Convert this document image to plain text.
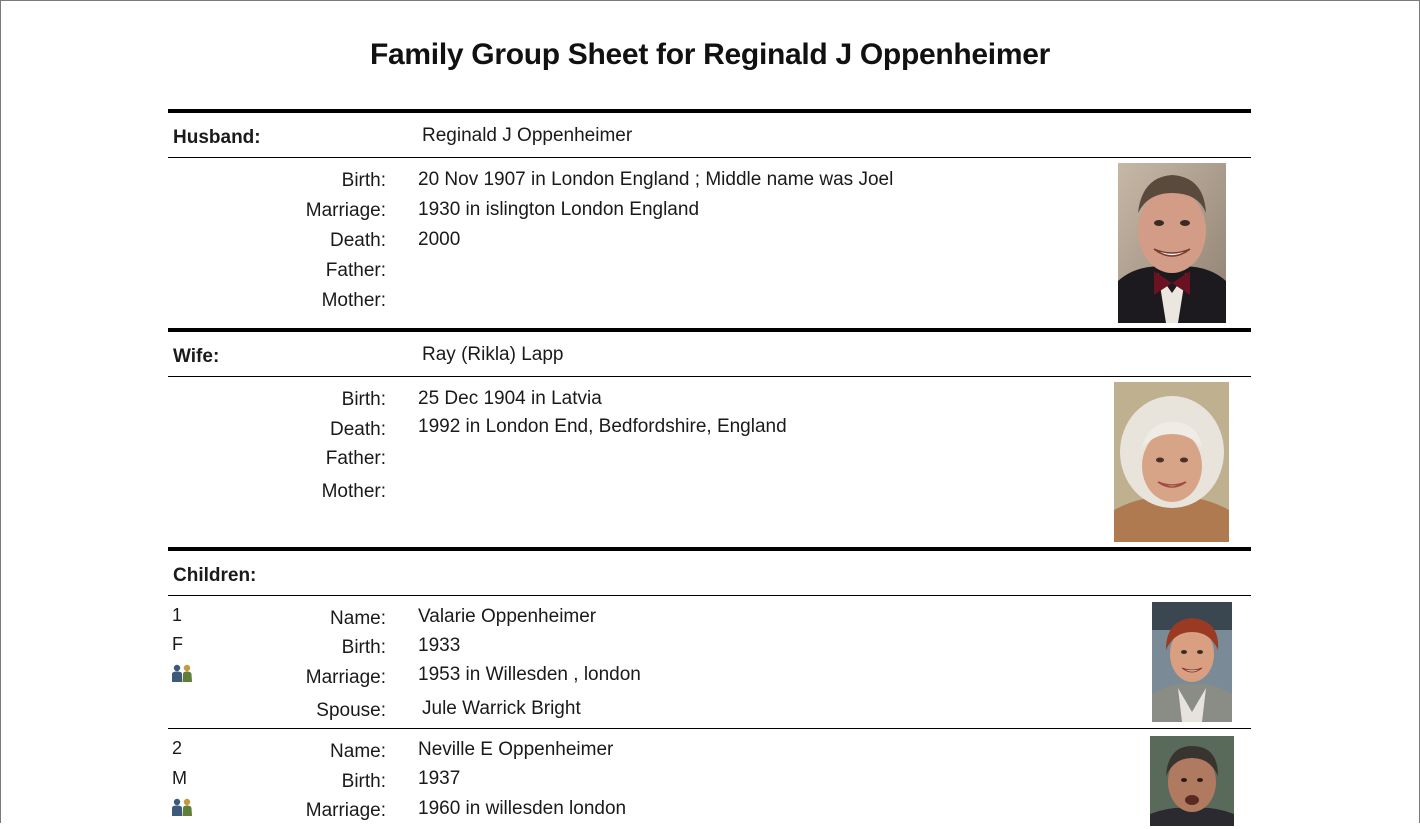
Family Group Sheet for Reginald J Oppenheimer
Husband:	Reginald J Oppenheimer
Birth: 20 Nov 1907 in London England ; Middle name was Joel
Marriage: 1930 in islington London England
Death: 2000
Father:
Mother:
Wife:	Ray (Rikla) Lapp
Birth: 25 Dec 1904 in Latvia
Death: 1992 in London End, Bedfordshire, England
Father:
Mother:
Children:
1
F
Name: Valarie Oppenheimer
Birth: 1933
Marriage: 1953 in Willesden , london
Spouse: Jule Warrick Bright
2
M
Name: Neville E Oppenheimer
Birth: 1937
Marriage: 1960 in willesden london
